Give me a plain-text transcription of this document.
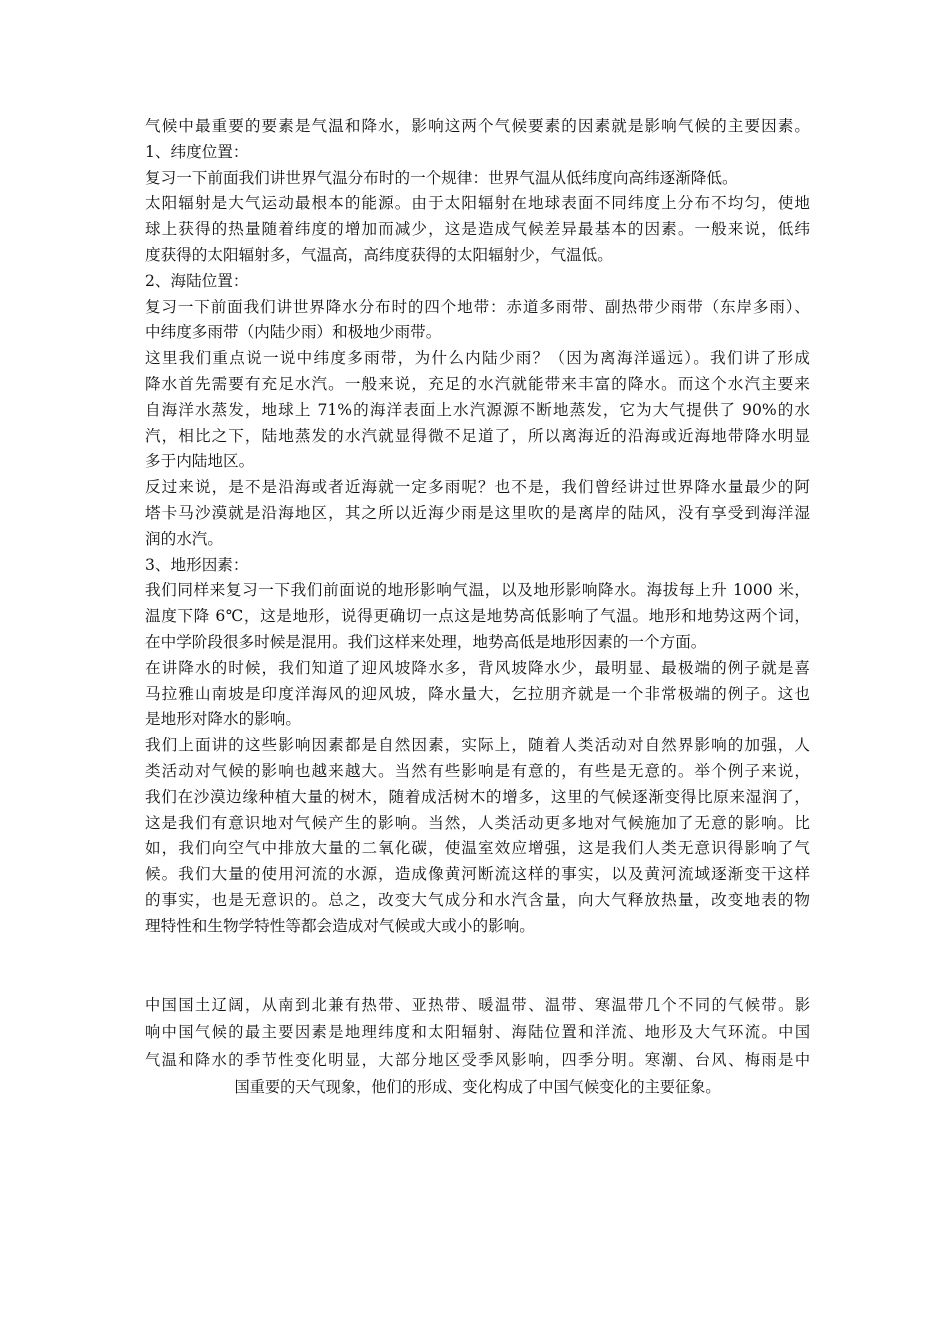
气候中最重要的要素是气温和降水，影响这两个气候要素的因素就是影响气候的主要因素。

1、纬度位置：

复习一下前面我们讲世界气温分布时的一个规律：世界气温从低纬度向高纬逐渐降低。

太阳辐射是大气运动最根本的能源。由于太阳辐射在地球表面不同纬度上分布不均匀，使地

球上获得的热量随着纬度的增加而减少，这是造成气候差异最基本的因素。一般来说，低纬

度获得的太阳辐射多，气温高，高纬度获得的太阳辐射少，气温低。

2、海陆位置：

复习一下前面我们讲世界降水分布时的四个地带：赤道多雨带、副热带少雨带（东岸多雨）、

中纬度多雨带（内陆少雨）和极地少雨带。

这里我们重点说一说中纬度多雨带，为什么内陆少雨？（因为离海洋遥远）。我们讲了形成

降水首先需要有充足水汽。一般来说，充足的水汽就能带来丰富的降水。而这个水汽主要来

自海洋水蒸发，地球上 71%的海洋表面上水汽源源不断地蒸发，它为大气提供了 90%的水

汽，相比之下，陆地蒸发的水汽就显得微不足道了，所以离海近的沿海或近海地带降水明显

多于内陆地区。

反过来说，是不是沿海或者近海就一定多雨呢？也不是，我们曾经讲过世界降水量最少的阿

塔卡马沙漠就是沿海地区，其之所以近海少雨是这里吹的是离岸的陆风，没有享受到海洋湿

润的水汽。

3、地形因素：

我们同样来复习一下我们前面说的地形影响气温，以及地形影响降水。海拔每上升 1000 米，

温度下降 6℃，这是地形，说得更确切一点这是地势高低影响了气温。地形和地势这两个词，

在中学阶段很多时候是混用。我们这样来处理，地势高低是地形因素的一个方面。

在讲降水的时候，我们知道了迎风坡降水多，背风坡降水少，最明显、最极端的例子就是喜

马拉雅山南坡是印度洋海风的迎风坡，降水量大，乞拉朋齐就是一个非常极端的例子。这也

是地形对降水的影响。

我们上面讲的这些影响因素都是自然因素，实际上，随着人类活动对自然界影响的加强，人

类活动对气候的影响也越来越大。当然有些影响是有意的，有些是无意的。举个例子来说，

我们在沙漠边缘种植大量的树木，随着成活树木的增多，这里的气候逐渐变得比原来湿润了，

这是我们有意识地对气候产生的影响。当然，人类活动更多地对气候施加了无意的影响。比

如，我们向空气中排放大量的二氧化碳，使温室效应增强，这是我们人类无意识得影响了气

候。我们大量的使用河流的水源，造成像黄河断流这样的事实，以及黄河流域逐渐变干这样

的事实，也是无意识的。总之，改变大气成分和水汽含量，向大气释放热量，改变地表的物

理特性和生物学特性等都会造成对气候或大或小的影响。

中国国土辽阔，从南到北兼有热带、亚热带、暖温带、温带、寒温带几个不同的气候带。影

响中国气候的最主要因素是地理纬度和太阳辐射、海陆位置和洋流、地形及大气环流。中国

气温和降水的季节性变化明显，大部分地区受季风影响，四季分明。寒潮、台风、梅雨是中

国重要的天气现象，他们的形成、变化构成了中国气候变化的主要征象。
